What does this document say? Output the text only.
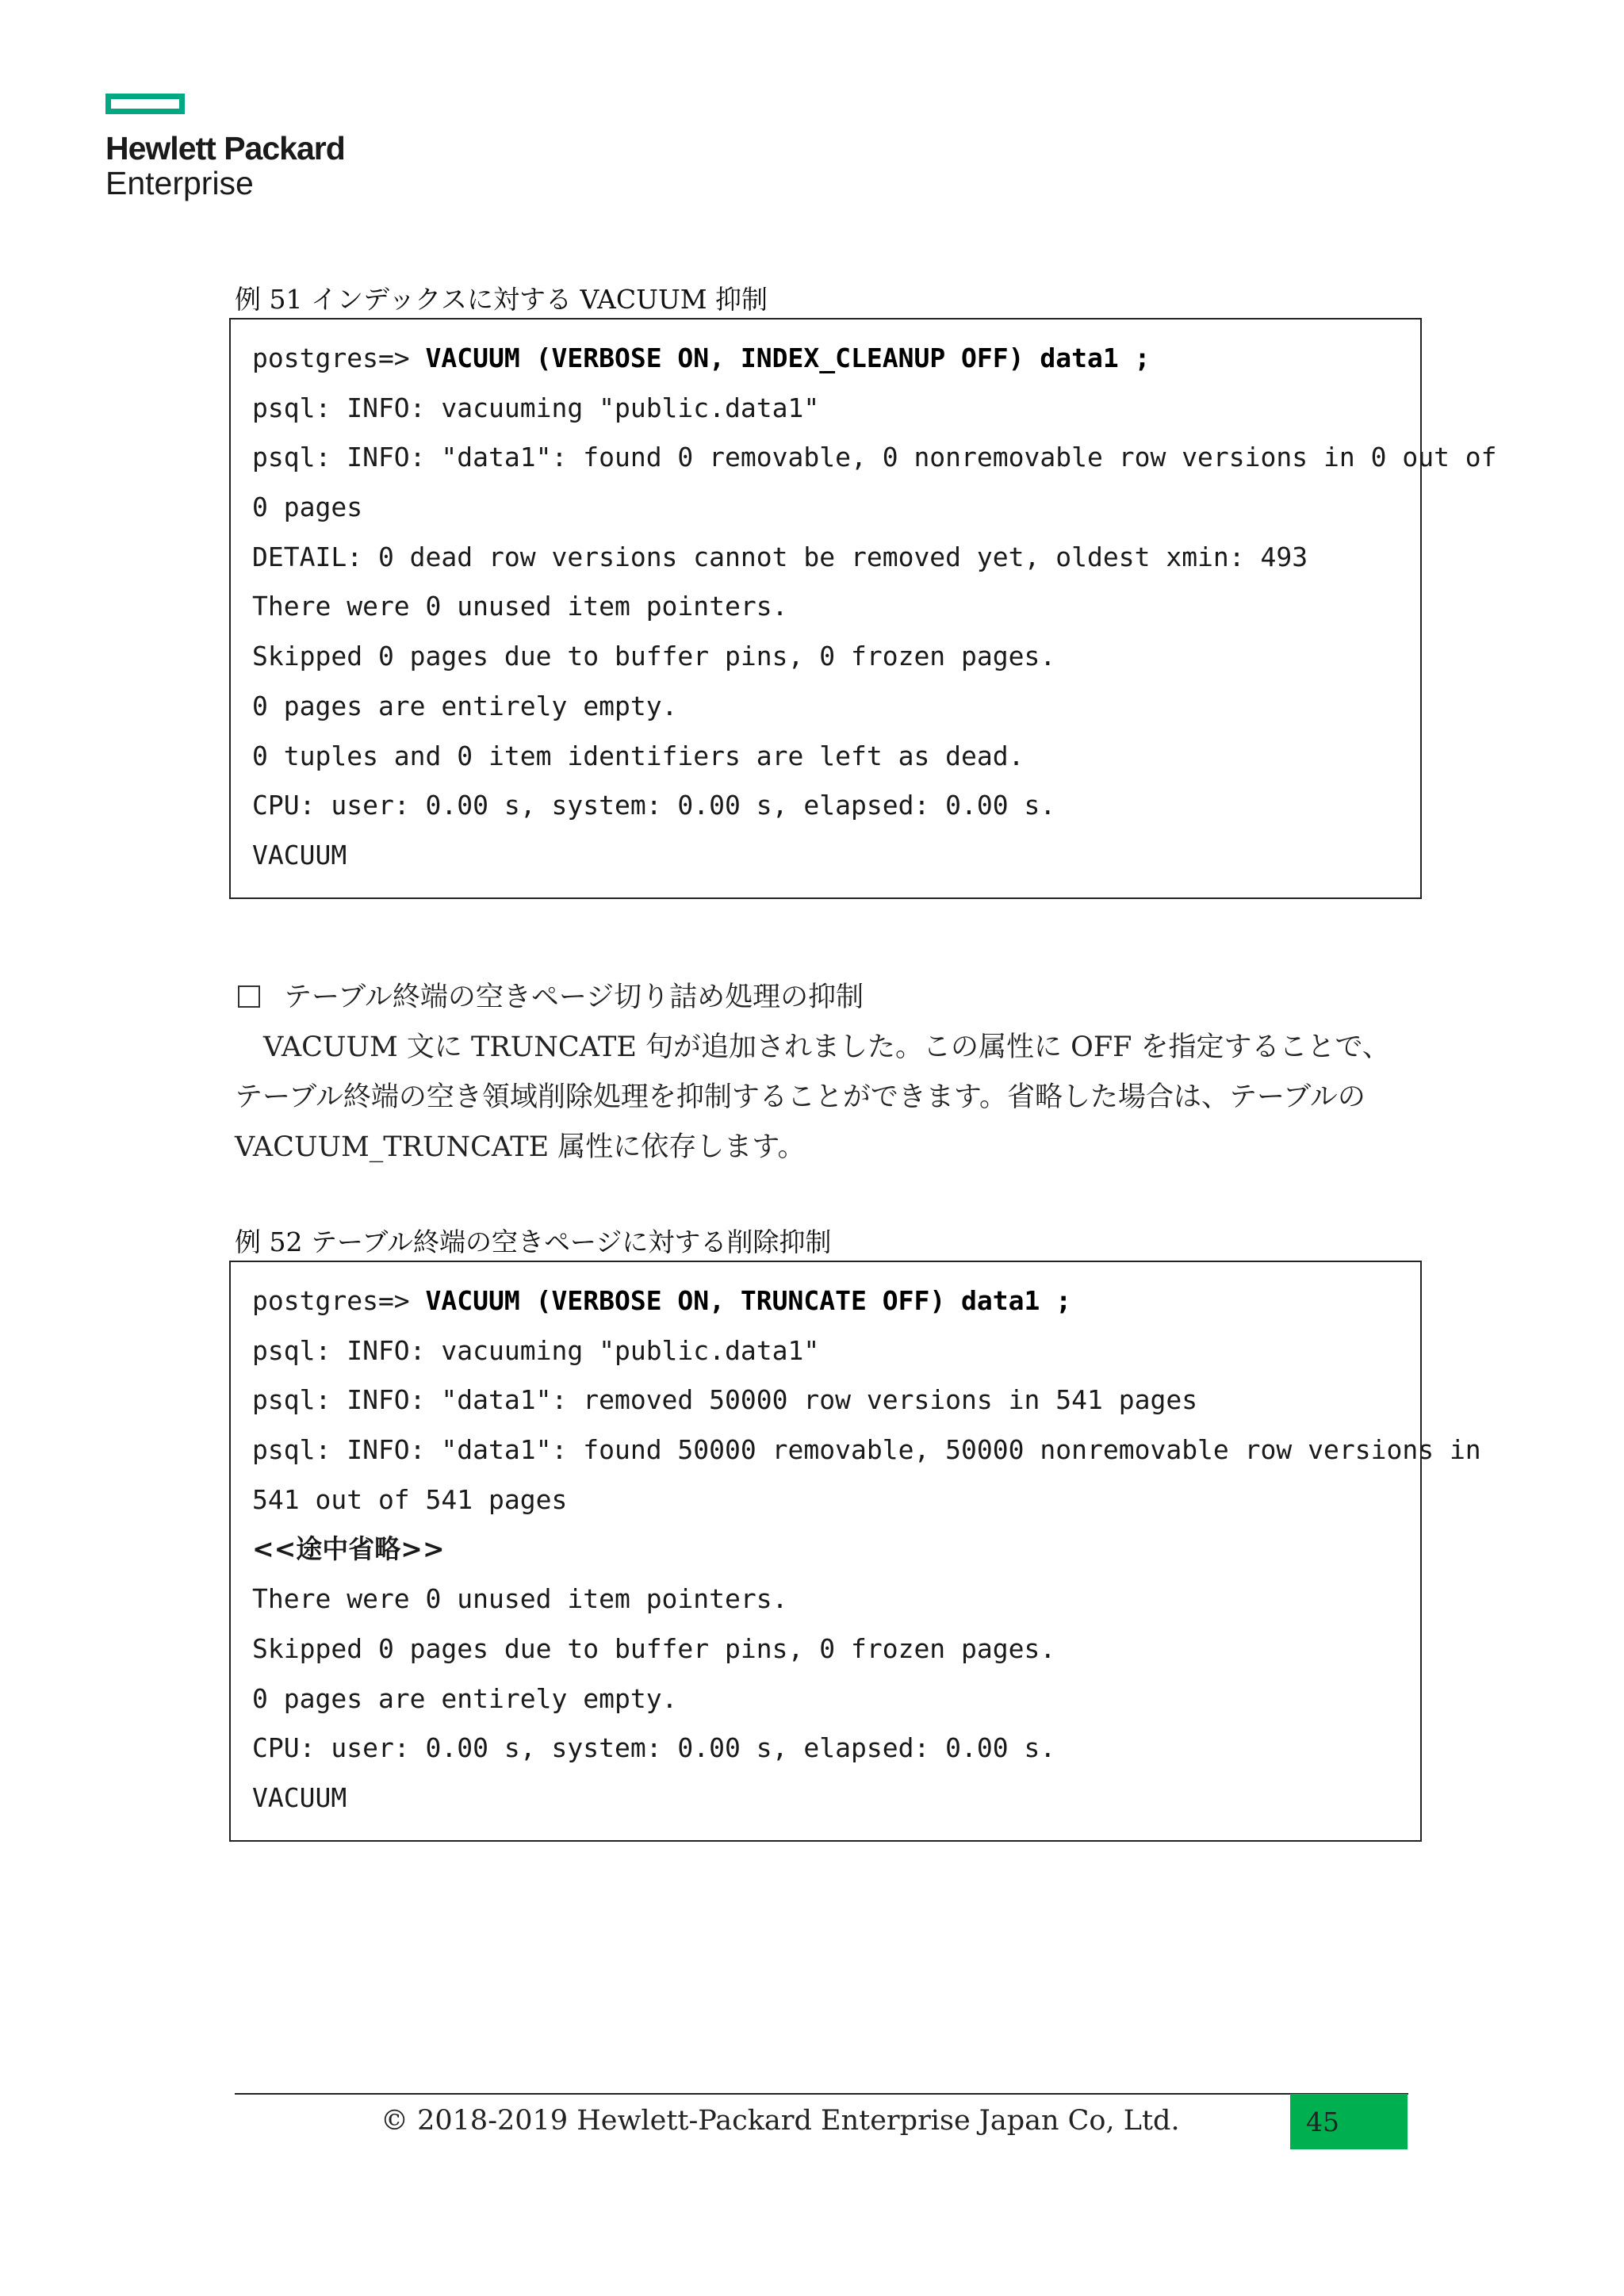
Hewlett Packard
Enterprise
例 51 インデックスに対する VACUUM 抑制
postgres=> VACUUM (VERBOSE ON, INDEX_CLEANUP OFF) data1 ;
psql: INFO: vacuuming "public.data1"
psql: INFO: "data1": found 0 removable, 0 nonremovable row versions in 0 out of
0 pages
DETAIL: 0 dead row versions cannot be removed yet, oldest xmin: 493
There were 0 unused item pointers.
Skipped 0 pages due to buffer pins, 0 frozen pages.
0 pages are entirely empty.
0 tuples and 0 item identifiers are left as dead.
CPU: user: 0.00 s, system: 0.00 s, elapsed: 0.00 s.
VACUUM
テーブル終端の空きページ切り詰め処理の抑制
VACUUM 文に TRUNCATE 句が追加されました。この属性に OFF を指定することで、
テーブル終端の空き領域削除処理を抑制することができます。省略した場合は、テーブルの
VACUUM_TRUNCATE 属性に依存します。
例 52 テーブル終端の空きページに対する削除抑制
postgres=> VACUUM (VERBOSE ON, TRUNCATE OFF) data1 ;
psql: INFO: vacuuming "public.data1"
psql: INFO: "data1": removed 50000 row versions in 541 pages
psql: INFO: "data1": found 50000 removable, 50000 nonremovable row versions in
541 out of 541 pages
<<途中省略>>
There were 0 unused item pointers.
Skipped 0 pages due to buffer pins, 0 frozen pages.
0 pages are entirely empty.
CPU: user: 0.00 s, system: 0.00 s, elapsed: 0.00 s.
VACUUM
© 2018-2019 Hewlett-Packard Enterprise Japan Co, Ltd.	45
